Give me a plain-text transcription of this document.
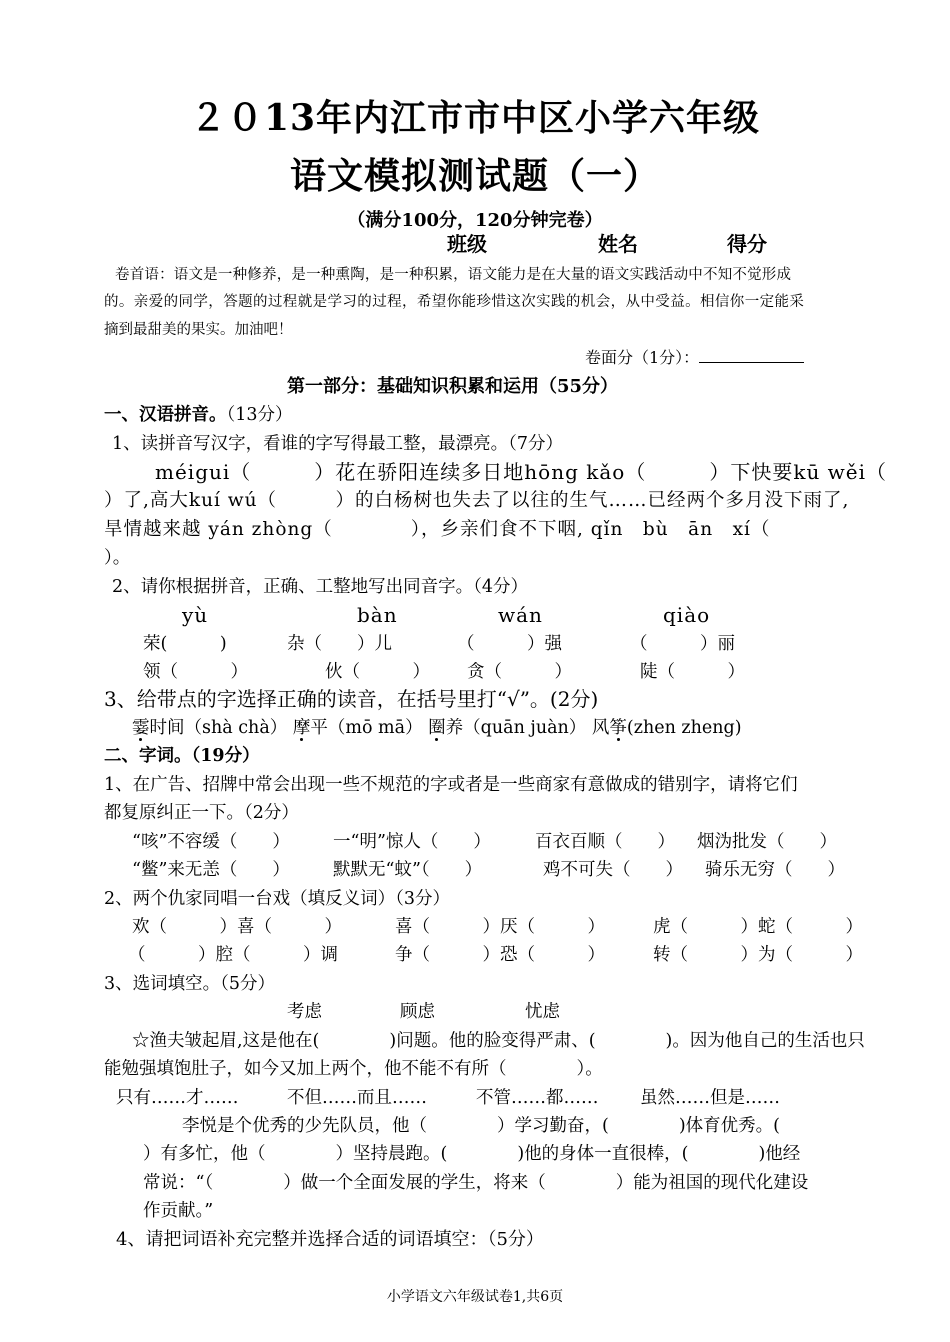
２０13年内江市市中区小学六年级
语文模拟测试题（一）
（满分100分，120分钟完卷）
班级	姓名	得分
卷首语：语文是一种修养，是一种熏陶，是一种积累，语文能力是在大量的语文实践活动中不知不觉形成
的。亲爱的同学，答题的过程就是学习的过程，希望你能珍惜这次实践的机会，从中受益。相信你一定能采
摘到最甜美的果实。加油吧！
卷面分（1分）：
第一部分：基础知识积累和运用（55分）
一、汉语拼音。（13分）
1、读拼音写汉字，看谁的字写得最工整，最漂亮。（7分）
méigui（　　　）花在骄阳连续多日地hōng kǎo（　　　）下快要kū wěi（
）了,高大kuí wú（　　　）的白杨树也失去了以往的生气……已经两个多月没下雨了,
旱情越来越 yán zhòng（　　　　），乡亲们食不下咽, qǐn　bù　ān　xí（
）。
2、请你根据拼音，正确、工整地写出同音字。（4分）
yù	bàn	wán	qiào
荣(　　　)	杂（　　）儿	（　　　）强	（　　　）丽
领（　　　）	伙（　　　） 贪（　　　）	陡（　　　）
3、给带点的字选择正确的读音，在括号里打“√”。(2分)
霎时间（shà chà） 摩平（mō mā） 圈养（quān juàn） 风筝(zhen zheng)
二、字词。（19分）
1、在广告、招牌中常会出现一些不规范的字或者是一些商家有意做成的错别字，请将它们
都复原纠正一下。（2分）
“咳”不容缓（　　） 一“明”惊人（　　）	百衣百顺（　　） 烟沩批发（　　）
“鳖”来无恙（　　） 默默无“蚊”（　　）	鸡不可失（　　） 骑乐无穷（　　）
2、两个仇家同唱一台戏（填反义词）（3分）
欢（　　　）喜（　　　）	喜（　　　）厌（　　　）	虎（　　　）蛇（　　　）
（　　　）腔（　　　）调	争（　　　）恐（　　　）	转（　　　）为（　　　）
3、选词填空。（5分）
考虑	顾虑	忧虑
☆渔夫皱起眉,这是他在(　　　　)问题。他的脸变得严肃、(　　　　)。因为他自己的生活也只
能勉强填饱肚子，如今又加上两个，他不能不有所（　　　　）。
只有……才……	不但……而且……	不管……都…… 虽然……但是……
李悦是个优秀的少先队员，他（　　　　）学习勤奋，(　　　　)体育优秀。(
）有多忙，他（　　　　）坚持晨跑。(　　　　)他的身体一直很棒，(　　　　)他经
常说：“（　　　　）做一个全面发展的学生，将来（　　　　）能为祖国的现代化建设
作贡献。”
4、请把词语补充完整并选择合适的词语填空：（5分）
小学语文六年级试卷1,共6页
